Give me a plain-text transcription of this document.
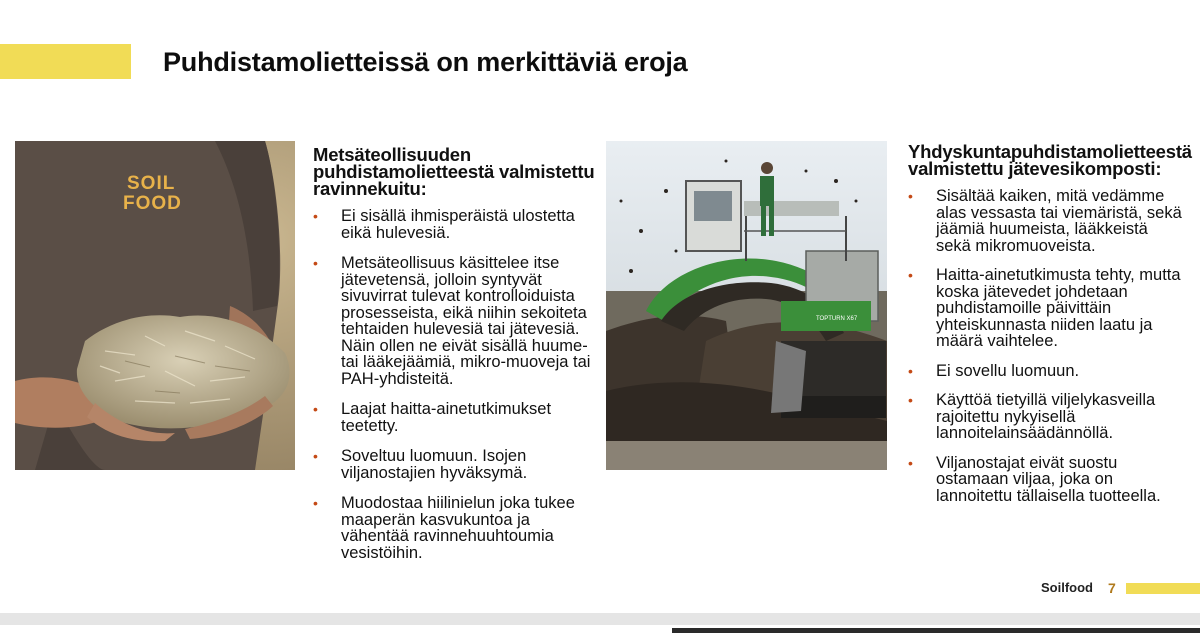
Puhdistamolietteissä on merkittäviä eroja
SOIL
FOOD
Metsäteollisuuden puhdistamolietteestä valmistettu ravinnekuitu:
• Ei sisällä ihmisperäistä ulostetta eikä hulevesiä.
• Metsäteollisuus käsittelee itse jätevetensä, jolloin syntyvät sivuvirrat tulevat kontrolloiduista prosesseista, eikä niihin sekoiteta tehtaiden hulevesiä tai jätevesiä. Näin ollen ne eivät sisällä huume- tai lääkejäämiä, mikro-muoveja tai PAH-yhdisteitä.
• Laajat haitta-ainetutkimukset teetetty.
• Soveltuu luomuun. Isojen viljanostajien hyväksymä.
• Muodostaa hiilinielun joka tukee maaperän kasvukuntoa ja vähentää ravinnehuuhtoumia vesistöihin.
TOPTURN X67
Yhdyskuntapuhdistamolietteestä valmistettu jätevesikomposti:
• Sisältää kaiken, mitä vedämme alas vessasta tai viemäristä, sekä jäämiä huumeista, lääkkeistä sekä mikromuoveista.
• Haitta-ainetutkimusta tehty, mutta koska jätevedet johdetaan puhdistamoille päivittäin yhteiskunnasta niiden laatu ja määrä vaihtelee.
• Ei sovellu luomuun.
• Käyttöä tietyillä viljelykasveilla rajoitettu nykyisellä lannoitelainsäädännöllä.
• Viljanostajat eivät suostu ostamaan viljaa, joka on lannoitettu tällaisella tuotteella.
Soilfood 7
